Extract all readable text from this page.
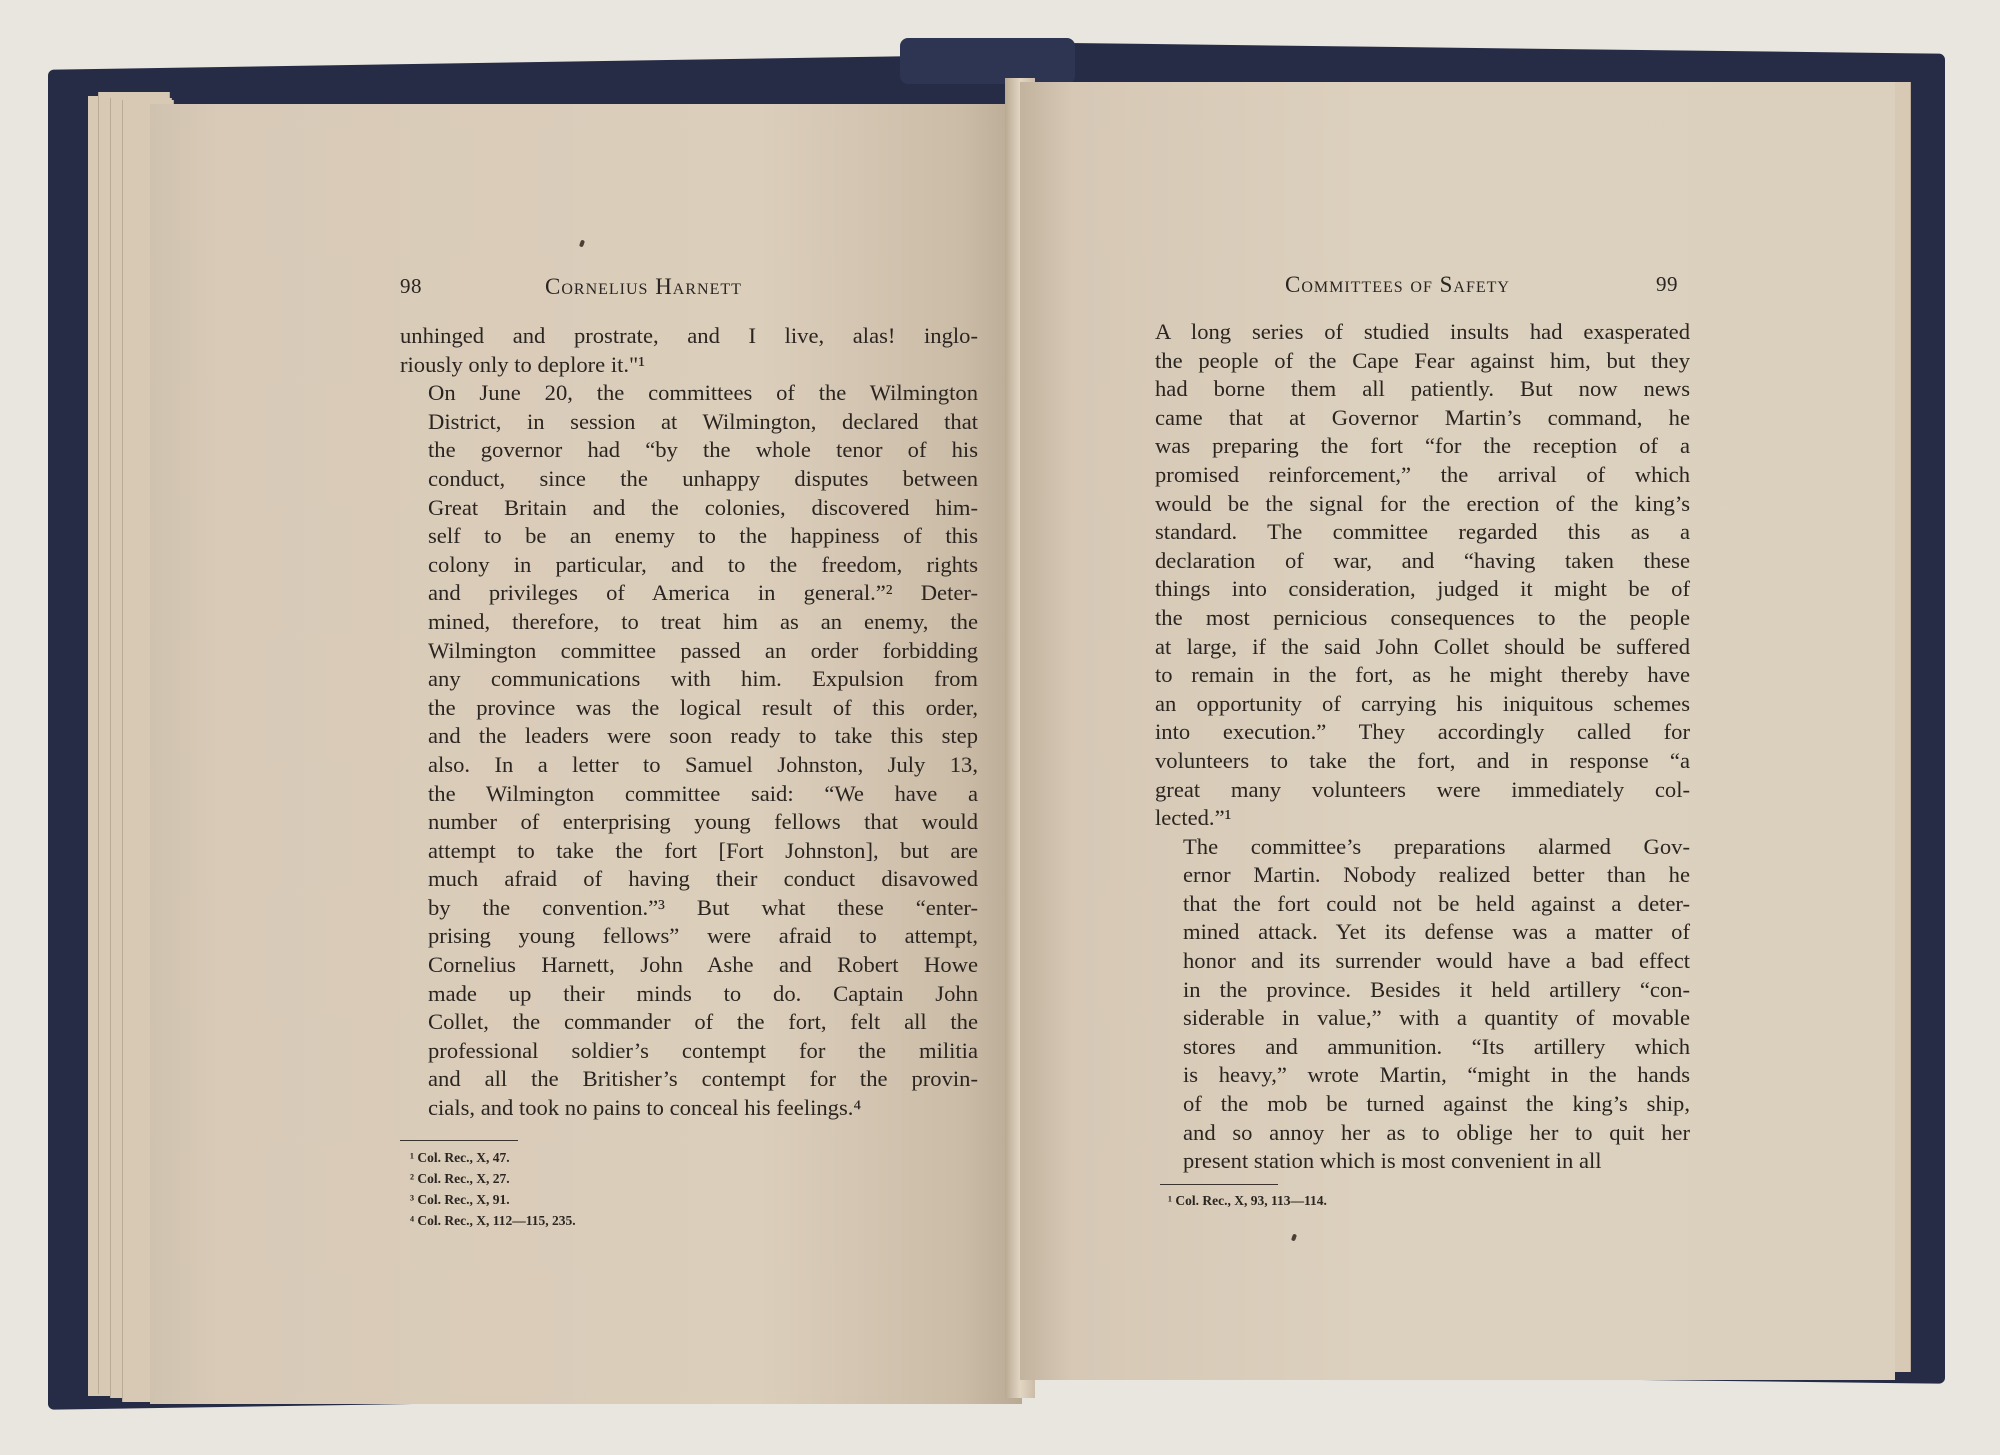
98	Cornelius Harnett

unhinged and prostrate, and I live, alas! inglo-
riously only to deplore it."¹

On June 20, the committees of the Wilmington
District, in session at Wilmington, declared that
the governor had “by the whole tenor of his
conduct, since the unhappy disputes between
Great Britain and the colonies, discovered him-
self to be an enemy to the happiness of this
colony in particular, and to the freedom, rights
and privileges of America in general.”² Deter-
mined, therefore, to treat him as an enemy, the
Wilmington committee passed an order forbidding
any communications with him. Expulsion from
the province was the logical result of this order,
and the leaders were soon ready to take this step
also. In a letter to Samuel Johnston, July 13,
the Wilmington committee said: “We have a
number of enterprising young fellows that would
attempt to take the fort [Fort Johnston], but are
much afraid of having their conduct disavowed
by the convention.”³ But what these “enter-
prising young fellows” were afraid to attempt,
Cornelius Harnett, John Ashe and Robert Howe
made up their minds to do. Captain John
Collet, the commander of the fort, felt all the
professional soldier’s contempt for the militia
and all the Britisher’s contempt for the provin-
cials, and took no pains to conceal his feelings.⁴

¹ Col. Rec., X, 47.
² Col. Rec., X, 27.
³ Col. Rec., X, 91.
⁴ Col. Rec., X, 112—115, 235.
Committees of Safety	99

A long series of studied insults had exasperated
the people of the Cape Fear against him, but they
had borne them all patiently. But now news
came that at Governor Martin’s command, he
was preparing the fort “for the reception of a
promised reinforcement,” the arrival of which
would be the signal for the erection of the king’s
standard. The committee regarded this as a
declaration of war, and “having taken these
things into consideration, judged it might be of
the most pernicious consequences to the people
at large, if the said John Collet should be suffered
to remain in the fort, as he might thereby have
an opportunity of carrying his iniquitous schemes
into execution.” They accordingly called for
volunteers to take the fort, and in response “a
great many volunteers were immediately col-
lected.”¹

The committee’s preparations alarmed Gov-
ernor Martin. Nobody realized better than he
that the fort could not be held against a deter-
mined attack. Yet its defense was a matter of
honor and its surrender would have a bad effect
in the province. Besides it held artillery “con-
siderable in value,” with a quantity of movable
stores and ammunition. “Its artillery which
is heavy,” wrote Martin, “might in the hands
of the mob be turned against the king’s ship,
and so annoy her as to oblige her to quit her
present station which is most convenient in all

¹ Col. Rec., X, 93, 113—114.
